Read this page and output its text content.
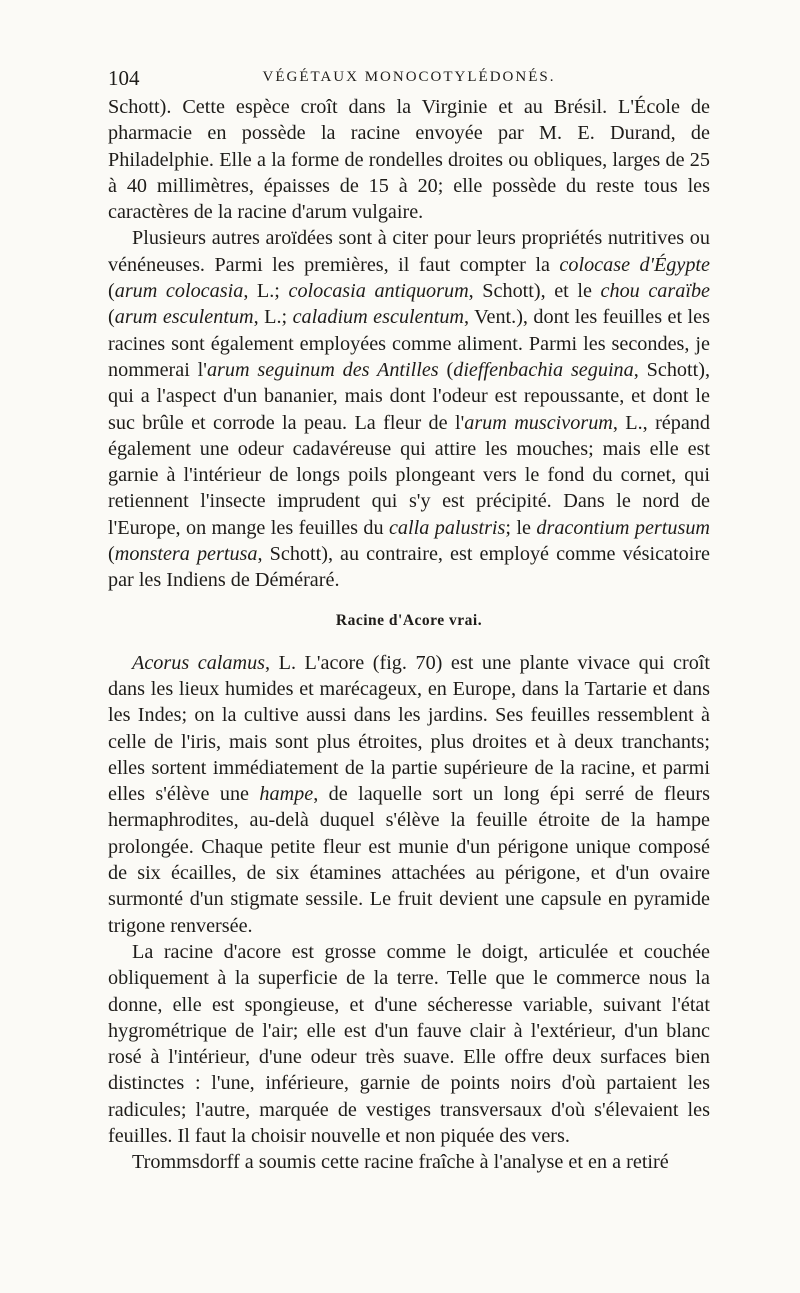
104	VÉGÉTAUX MONOCOTYLÉDONÉS.

Schott). Cette espèce croît dans la Virginie et au Brésil. L'École de pharmacie en possède la racine envoyée par M. E. Durand, de Philadelphie. Elle a la forme de rondelles droites ou obliques, larges de 25 à 40 millimètres, épaisses de 15 à 20; elle possède du reste tous les caractères de la racine d'arum vulgaire.

Plusieurs autres aroïdées sont à citer pour leurs propriétés nutritives ou vénéneuses. Parmi les premières, il faut compter la colocase d'Égypte (arum colocasia, L.; colocasia antiquorum, Schott), et le chou caraïbe (arum esculentum, L.; caladium esculentum, Vent.), dont les feuilles et les racines sont également employées comme aliment. Parmi les secondes, je nommerai l'arum seguinum des Antilles (dieffenbachia seguina, Schott), qui a l'aspect d'un bananier, mais dont l'odeur est repoussante, et dont le suc brûle et corrode la peau. La fleur de l'arum muscivorum, L., répand également une odeur cadavéreuse qui attire les mouches; mais elle est garnie à l'intérieur de longs poils plongeant vers le fond du cornet, qui retiennent l'insecte imprudent qui s'y est précipité. Dans le nord de l'Europe, on mange les feuilles du calla palustris; le dracontium pertusum (monstera pertusa, Schott), au contraire, est employé comme vésicatoire par les Indiens de Déméraré.

Racine d'Acore vrai.

Acorus calamus, L. L'acore (fig. 70) est une plante vivace qui croît dans les lieux humides et marécageux, en Europe, dans la Tartarie et dans les Indes; on la cultive aussi dans les jardins. Ses feuilles ressemblent à celle de l'iris, mais sont plus étroites, plus droites et à deux tranchants; elles sortent immédiatement de la partie supérieure de la racine, et parmi elles s'élève une hampe, de laquelle sort un long épi serré de fleurs hermaphrodites, au-delà duquel s'élève la feuille étroite de la hampe prolongée. Chaque petite fleur est munie d'un périgone unique composé de six écailles, de six étamines attachées au périgone, et d'un ovaire surmonté d'un stigmate sessile. Le fruit devient une capsule en pyramide trigone renversée.

La racine d'acore est grosse comme le doigt, articulée et couchée obliquement à la superficie de la terre. Telle que le commerce nous la donne, elle est spongieuse, et d'une sécheresse variable, suivant l'état hygrométrique de l'air; elle est d'un fauve clair à l'extérieur, d'un blanc rosé à l'intérieur, d'une odeur très suave. Elle offre deux surfaces bien distinctes : l'une, inférieure, garnie de points noirs d'où partaient les radicules; l'autre, marquée de vestiges transversaux d'où s'élevaient les feuilles. Il faut la choisir nouvelle et non piquée des vers.

Trommsdorff a soumis cette racine fraîche à l'analyse et en a retiré
